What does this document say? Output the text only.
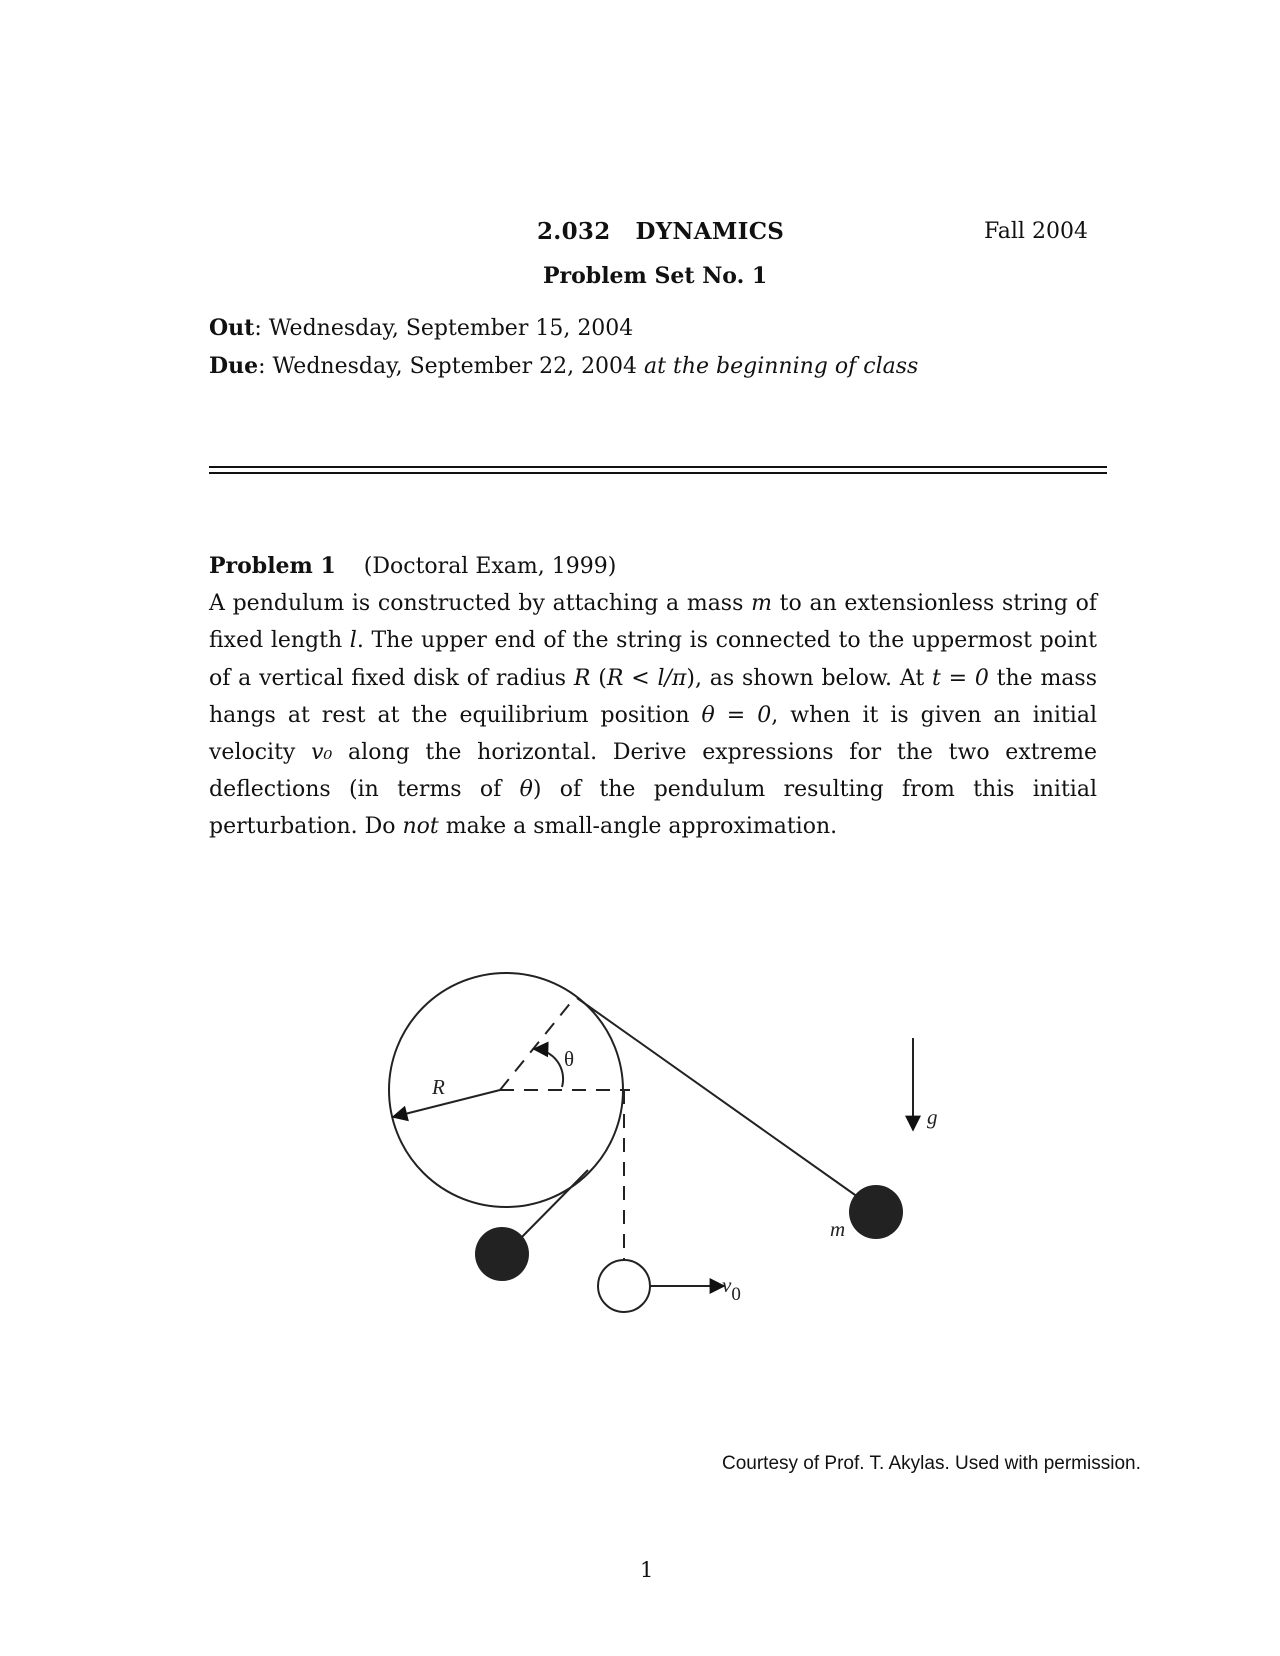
2.032   DYNAMICS	Fall 2004
Problem Set No. 1
Out: Wednesday, September 15, 2004
Due: Wednesday, September 22, 2004 at the beginning of class
Problem 1 (Doctoral Exam, 1999)
A pendulum is constructed by attaching a mass m to an extensionless string of fixed length l. The upper end of the string is connected to the uppermost point of a vertical fixed disk of radius R (R < l/π), as shown below. At t = 0 the mass hangs at rest at the equilibrium position θ = 0, when it is given an initial velocity v₀ along the horizontal. Derive expressions for the two extreme deflections (in terms of θ) of the pendulum resulting from this initial perturbation. Do not make a small-angle approximation.
R
θ
v0
g
m
Courtesy of Prof. T. Akylas. Used with permission.
1
